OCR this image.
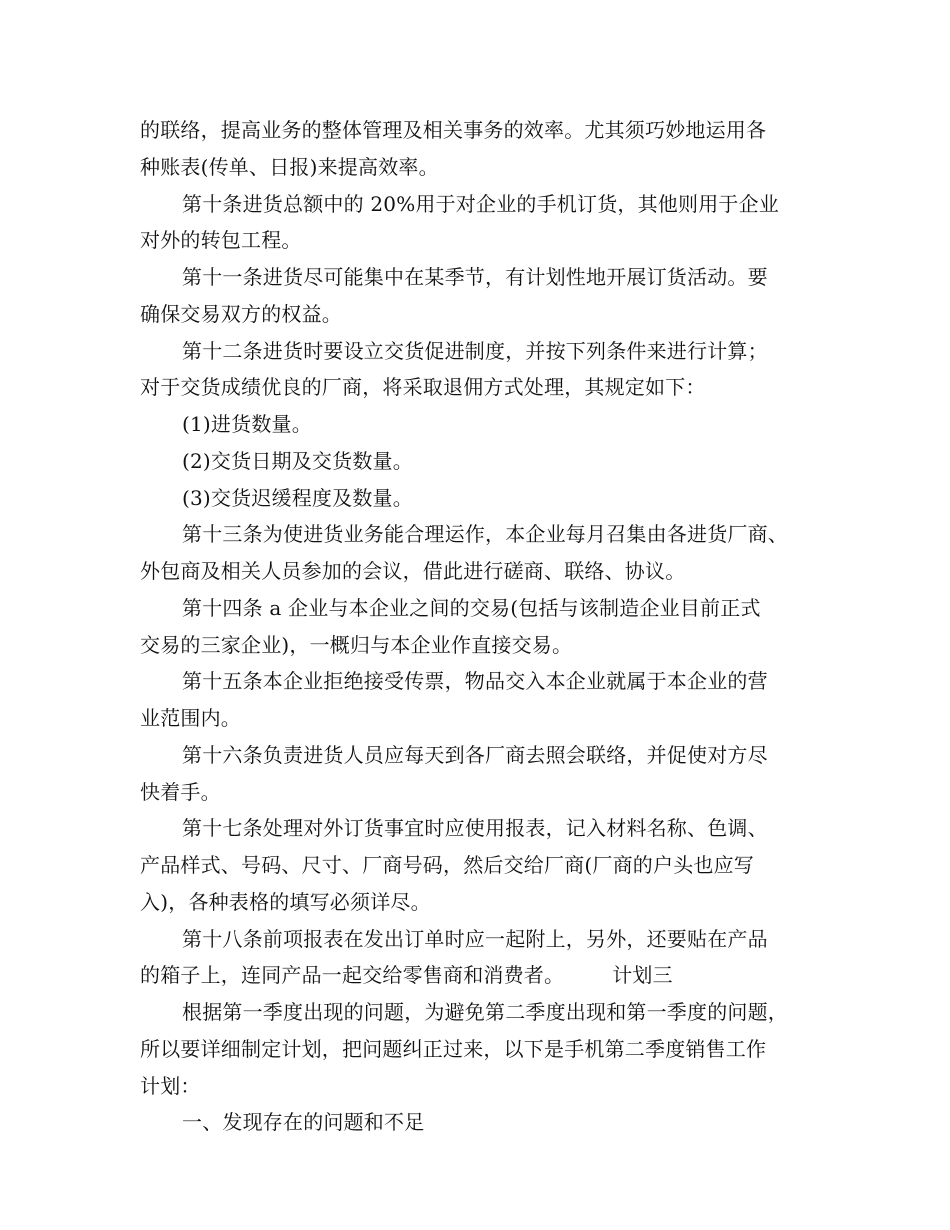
的联络，提高业务的整体管理及相关事务的效率。尤其须巧妙地运用各
种账表(传单、日报)来提高效率。
第十条进货总额中的 20%用于对企业的手机订货，其他则用于企业
对外的转包工程。
第十一条进货尽可能集中在某季节，有计划性地开展订货活动。要
确保交易双方的权益。
第十二条进货时要设立交货促进制度，并按下列条件来进行计算；
对于交货成绩优良的厂商，将采取退佣方式处理，其规定如下：
(1)进货数量。
(2)交货日期及交货数量。
(3)交货迟缓程度及数量。
第十三条为使进货业务能合理运作，本企业每月召集由各进货厂商、
外包商及相关人员参加的会议，借此进行磋商、联络、协议。
第十四条 a 企业与本企业之间的交易(包括与该制造企业目前正式
交易的三家企业)，一概归与本企业作直接交易。
第十五条本企业拒绝接受传票，物品交入本企业就属于本企业的营
业范围内。
第十六条负责进货人员应每天到各厂商去照会联络，并促使对方尽
快着手。
第十七条处理对外订货事宜时应使用报表，记入材料名称、色调、
产品样式、号码、尺寸、厂商号码，然后交给厂商(厂商的户头也应写
入)，各种表格的填写必须详尽。
第十八条前项报表在发出订单时应一起附上，另外，还要贴在产品
的箱子上，连同产品一起交给零售商和消费者。 计划三
根据第一季度出现的问题，为避免第二季度出现和第一季度的问题，
所以要详细制定计划，把问题纠正过来，以下是手机第二季度销售工作
计划：
一、发现存在的问题和不足
